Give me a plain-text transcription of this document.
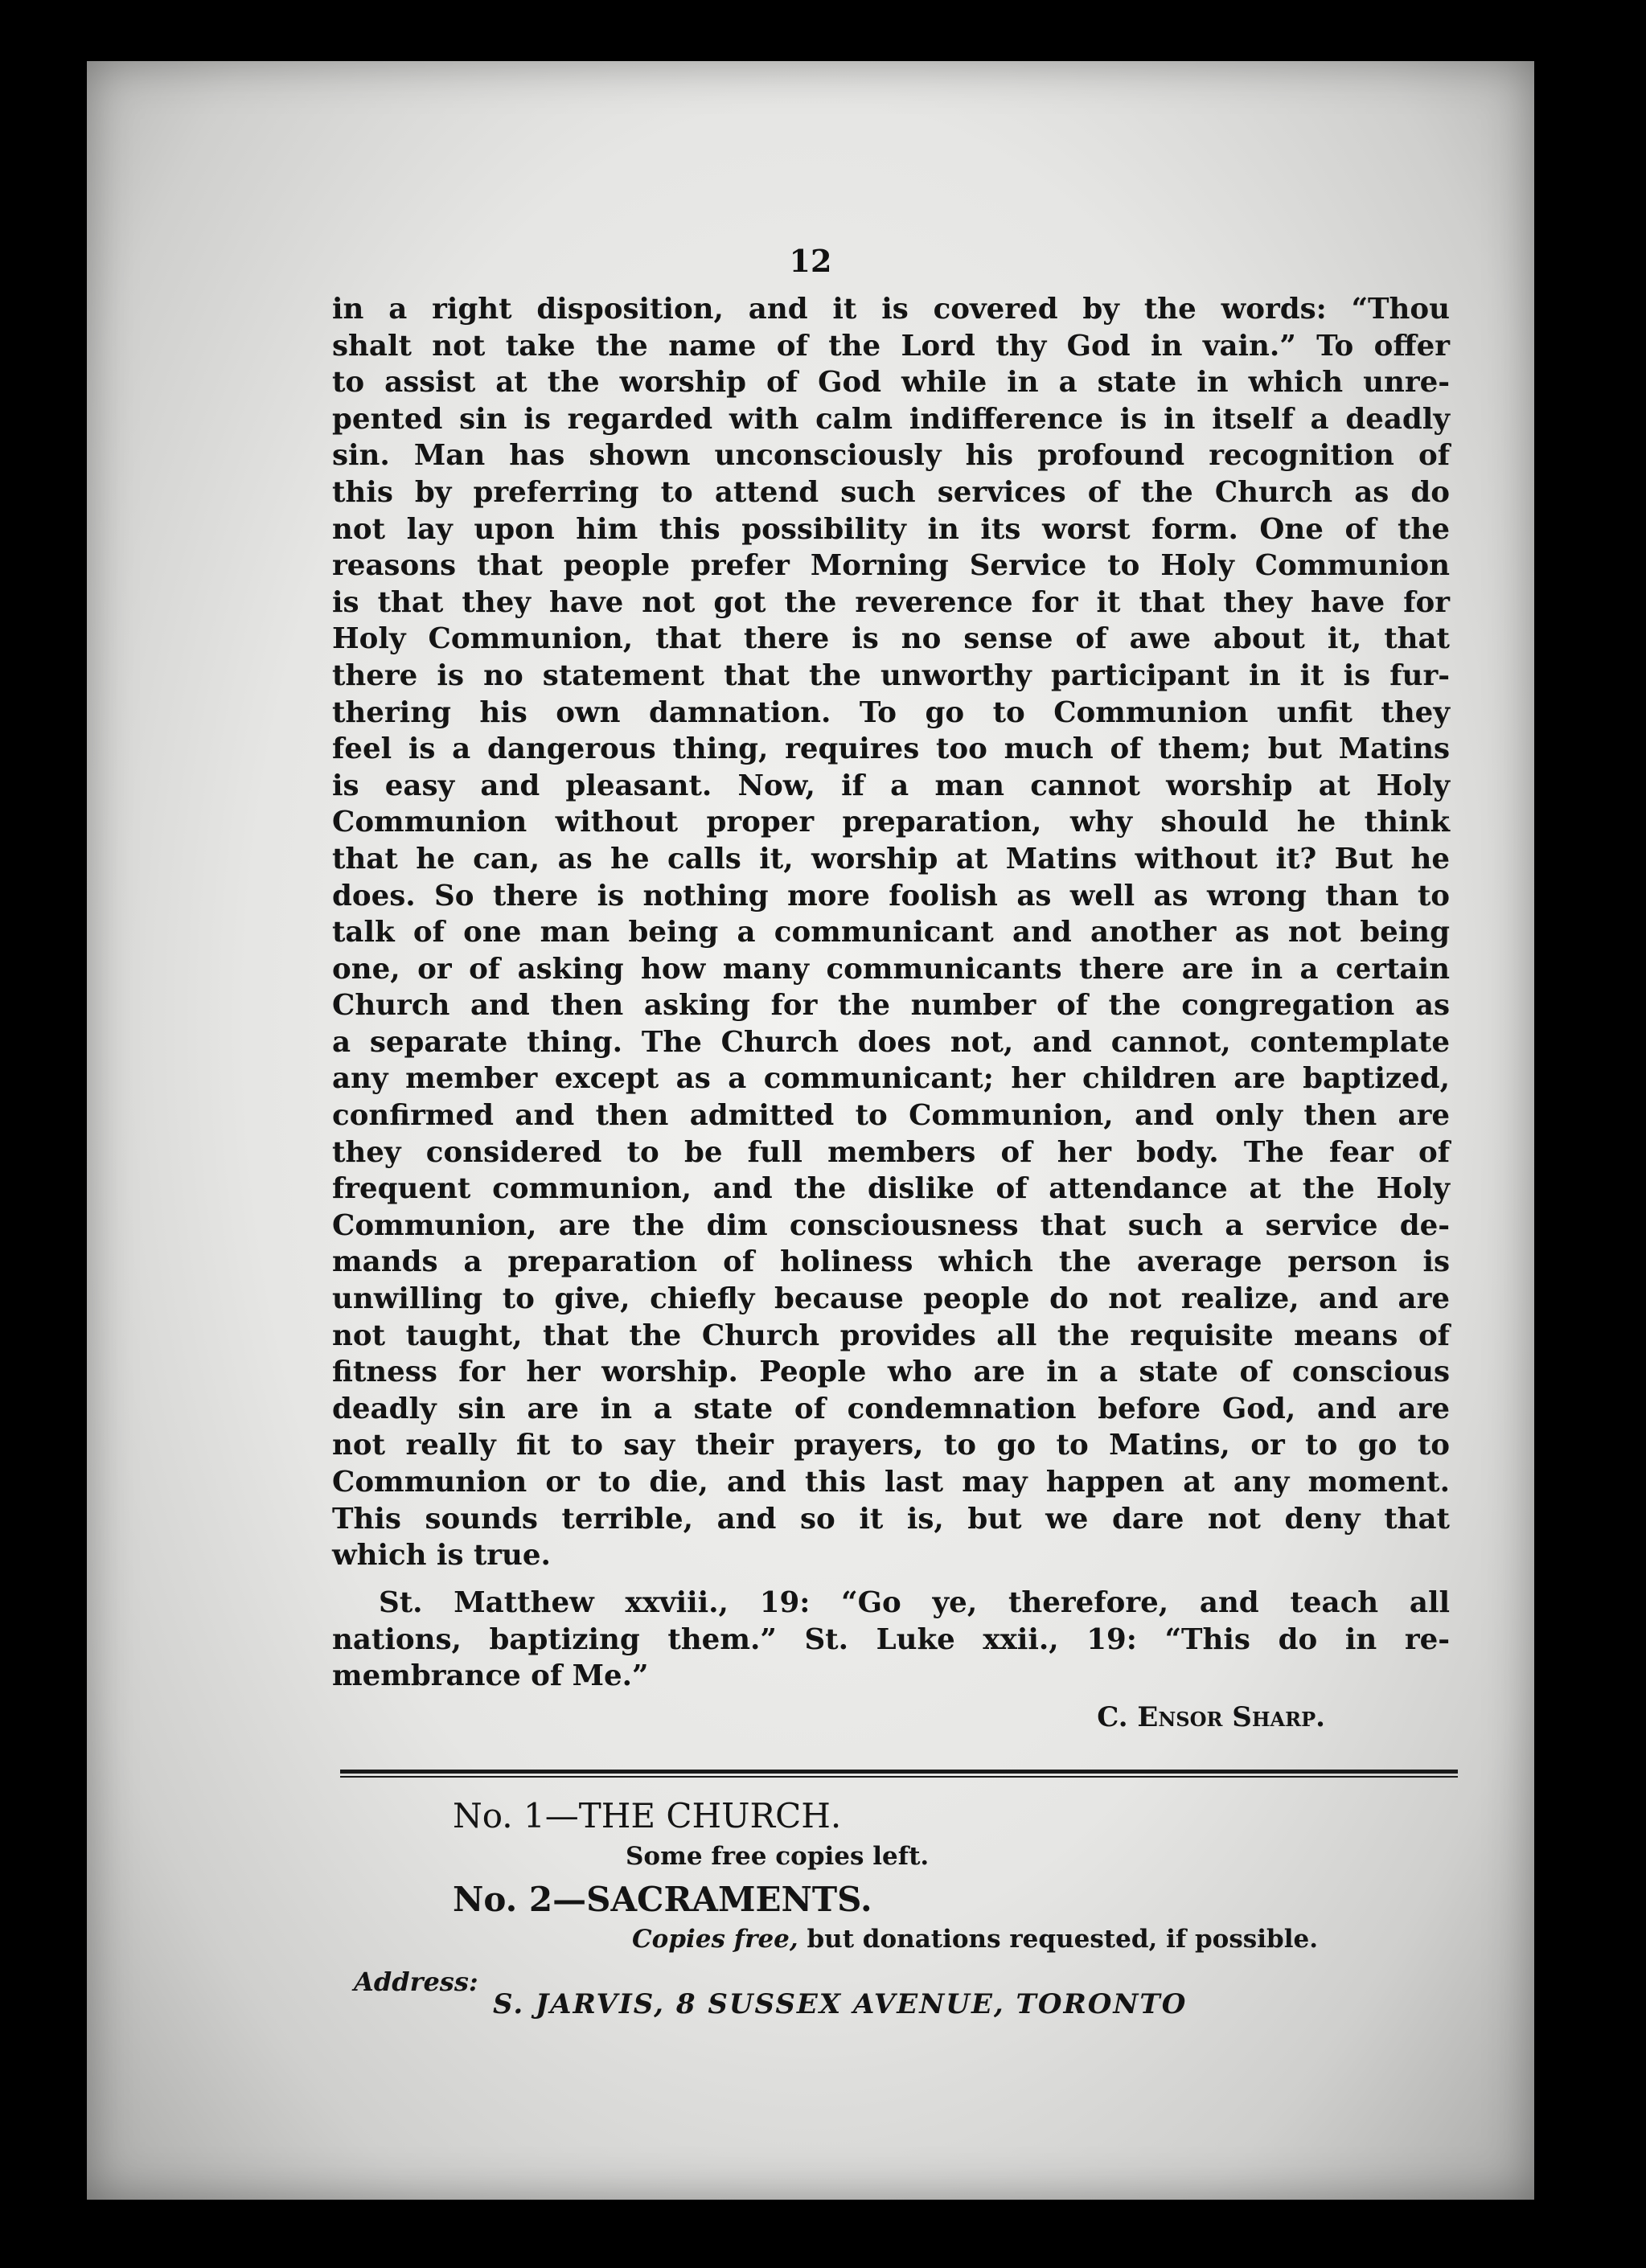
12
in a right disposition, and it is covered by the words: “Thou
shalt not take the name of the Lord thy God in vain.” To offer
to assist at the worship of God while in a state in which unre-
pented sin is regarded with calm indifference is in itself a deadly
sin. Man has shown unconsciously his profound recognition of
this by preferring to attend such services of the Church as do
not lay upon him this possibility in its worst form. One of the
reasons that people prefer Morning Service to Holy Communion
is that they have not got the reverence for it that they have for
Holy Communion, that there is no sense of awe about it, that
there is no statement that the unworthy participant in it is fur-
thering his own damnation. To go to Communion unfit they
feel is a dangerous thing, requires too much of them; but Matins
is easy and pleasant. Now, if a man cannot worship at Holy
Communion without proper preparation, why should he think
that he can, as he calls it, worship at Matins without it? But he
does. So there is nothing more foolish as well as wrong than to
talk of one man being a communicant and another as not being
one, or of asking how many communicants there are in a certain
Church and then asking for the number of the congregation as
a separate thing. The Church does not, and cannot, contemplate
any member except as a communicant; her children are baptized,
confirmed and then admitted to Communion, and only then are
they considered to be full members of her body. The fear of
frequent communion, and the dislike of attendance at the Holy
Communion, are the dim consciousness that such a service de-
mands a preparation of holiness which the average person is
unwilling to give, chiefly because people do not realize, and are
not taught, that the Church provides all the requisite means of
fitness for her worship. People who are in a state of conscious
deadly sin are in a state of condemnation before God, and are
not really fit to say their prayers, to go to Matins, or to go to
Communion or to die, and this last may happen at any moment.
This sounds terrible, and so it is, but we dare not deny that
which is true.
St. Matthew xxviii., 19: “Go ye, therefore, and teach all
nations, baptizing them.” St. Luke xxii., 19: “This do in re-
membrance of Me.”
C. Ensor Sharp.
No. 1—THE CHURCH.
Some free copies left.
No. 2—SACRAMENTS.
Copies free, but donations requested, if possible.
Address:
S. JARVIS, 8 SUSSEX AVENUE, TORONTO
